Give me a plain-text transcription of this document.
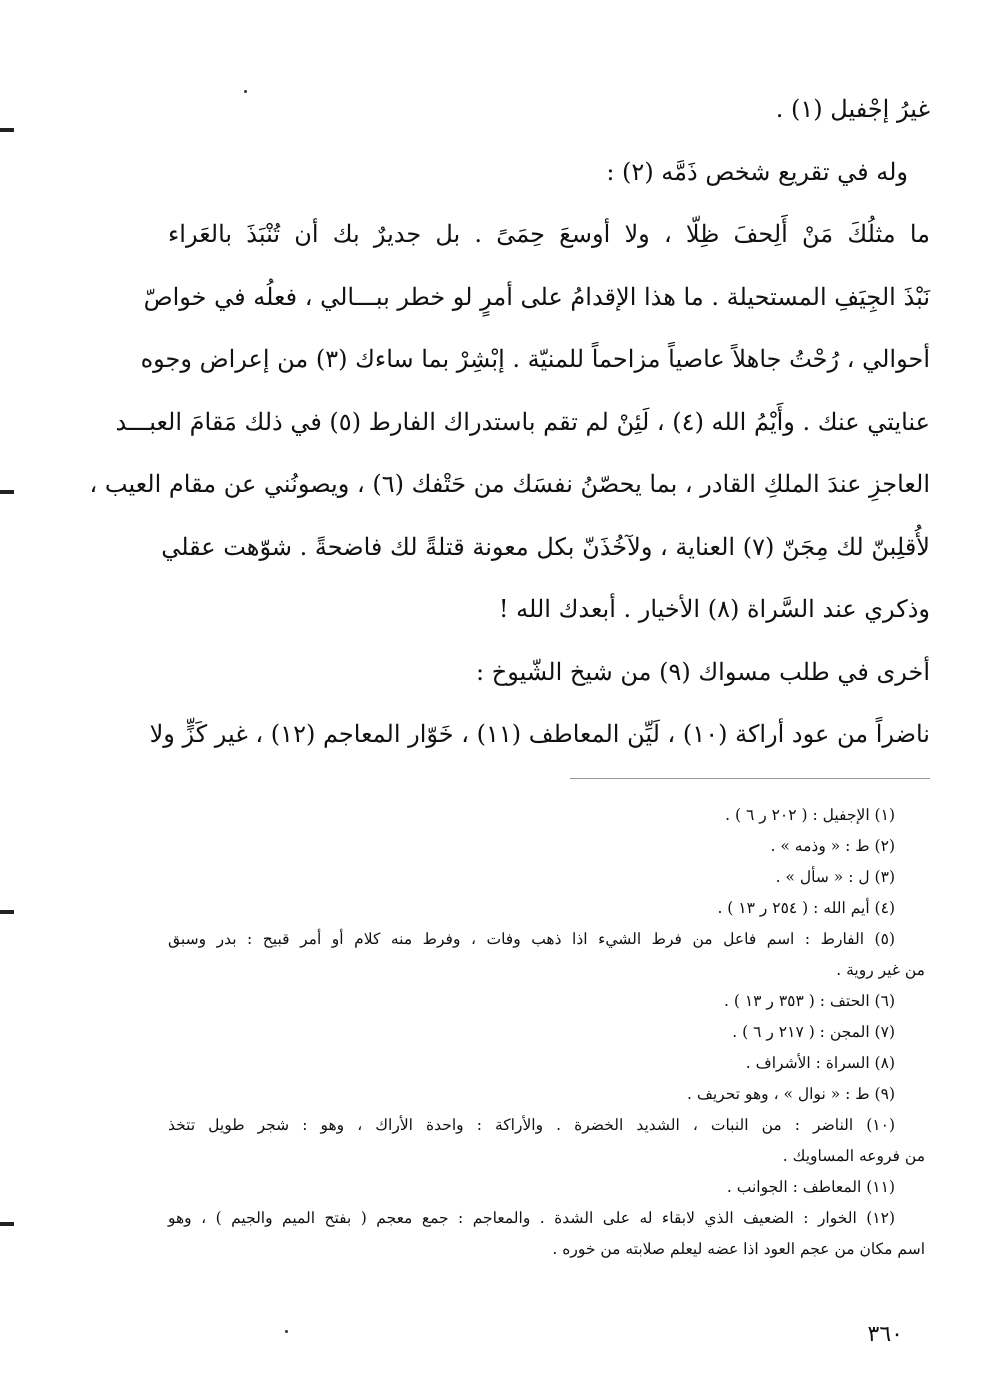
غيرُ إجْفيل (١) .
وله في تقريع شخص ذَمَّه (٢) :
ما مثلُكَ مَنْ أَلِحفَ ظِلّا ، ولا أوسعَ حِمَىً . بل جديرٌ بك أن تُنْبَذَ بالعَراء
نَبْذَ الجِيَفِ المستحيلة . ما هذا الإقدامُ على أمرٍ لو خطر ببـــالي ، فعلُه في خواصّ
أحوالي ، رُحْتُ جاهلاً عاصياً مزاحماً للمنيّة . إبْشِرْ بما ساءك (٣) من إعراض وجوه
عنايتي عنك . وأَيْمُ الله (٤) ، لَئِنْ لم تقم باستدراك الفارط (٥) في ذلك مَقامَ العبـــد
العاجزِ عندَ الملكِ القادر ، بما يحصّنُ نفسَك من حَتْفك (٦) ، ويصونُني عن مقام العيب ،
لأُقلِبنّ لك مِجَنّ (٧) العناية ، ولآخُذَنّ بكل معونة قتلةً لك فاضحةً . شوّهت عقلي
وذكري عند السَّراة (٨) الأخيار . أبعدك الله !
أخرى في طلب مسواك (٩) من شيخ الشّيوخ :
ناضراً من عود أراكة (١٠) ، لَيِّن المعاطف (١١) ، خَوّار المعاجم (١٢) ، غير كَزٍّ ولا
(١) الإجفيل : ( ٢٠٢ ر ٦ ) .
(٢) ط : « وذمه » .
(٣) ل : « سأل » .
(٤) أيم الله : ( ٢٥٤ ر ١٣ ) .
(٥) الفارط : اسم فاعل من فرط الشيء اذا ذهب وفات ، وفرط منه كلام أو أمر قبيح : بدر وسبق
من غير روية .
(٦) الحتف : ( ٣٥٣ ر ١٣ ) .
(٧) المجن : ( ٢١٧ ر ٦ ) .
(٨) السراة : الأشراف .
(٩) ط : « نوال » ، وهو تحريف .
(١٠) الناضر : من النبات ، الشديد الخضرة . والأراكة : واحدة الأراك ، وهو : شجر طويل تتخذ
من فروعه المساويك .
(١١) المعاطف : الجوانب .
(١٢) الخوار : الضعيف الذي لابقاء له على الشدة . والمعاجم : جمع معجم ( بفتح الميم والجيم ) ، وهو
اسم مكان من عجم العود اذا عضه ليعلم صلابته من خوره .
٣٦٠
